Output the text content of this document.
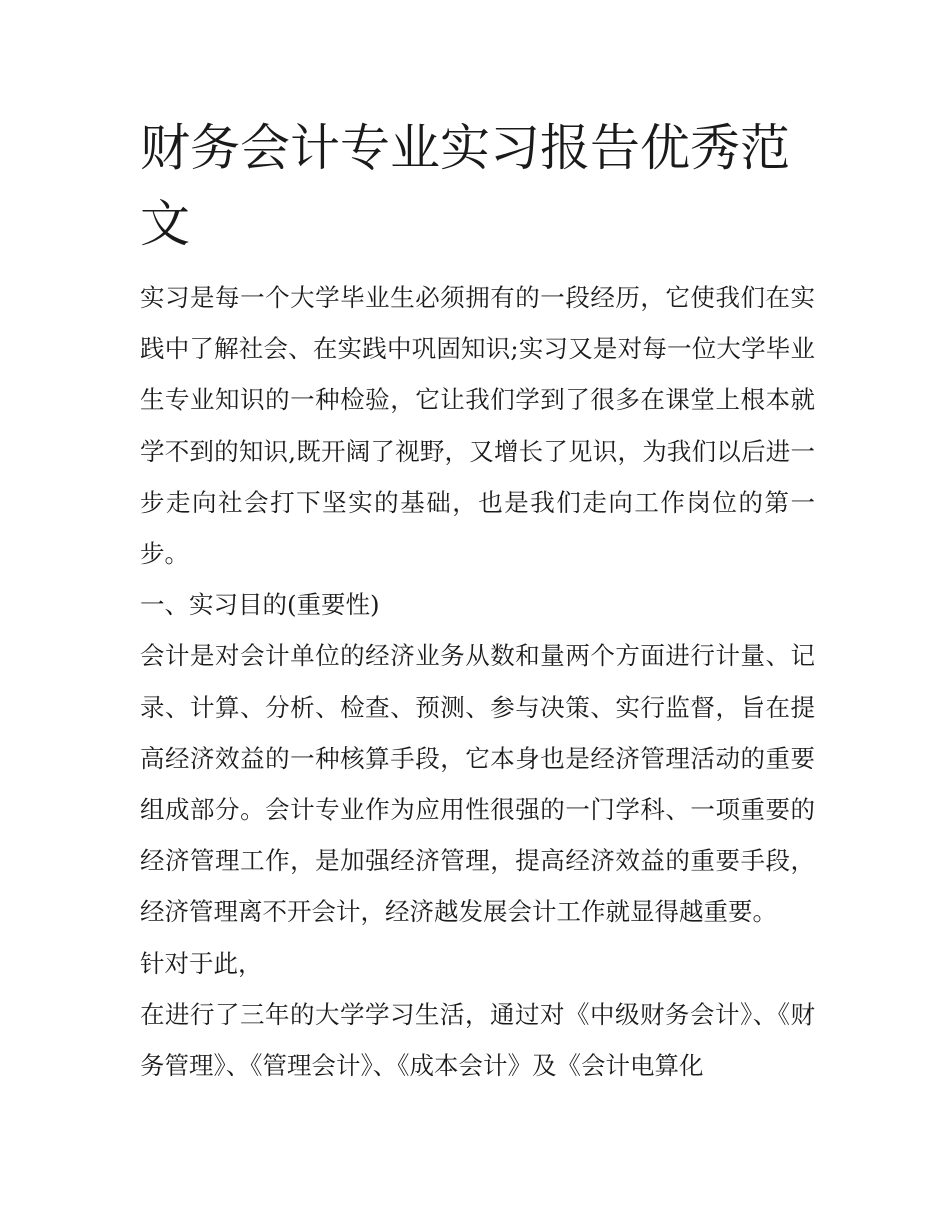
财务会计专业实习报告优秀范文

实习是每一个大学毕业生必须拥有的一段经历，它使我们在实践中了解社会、在实践中巩固知识;实习又是对每一位大学毕业生专业知识的一种检验，它让我们学到了很多在课堂上根本就学不到的知识,既开阔了视野，又增长了见识，为我们以后进一步走向社会打下坚实的基础，也是我们走向工作岗位的第一步。

一、实习目的(重要性)

会计是对会计单位的经济业务从数和量两个方面进行计量、记录、计算、分析、检查、预测、参与决策、实行监督，旨在提高经济效益的一种核算手段，它本身也是经济管理活动的重要组成部分。会计专业作为应用性很强的一门学科、一项重要的经济管理工作，是加强经济管理，提高经济效益的重要手段，经济管理离不开会计，经济越发展会计工作就显得越重要。

针对于此，

在进行了三年的大学学习生活，通过对《中级财务会计》、《财务管理》、《管理会计》、《成本会计》及《会计电算化
